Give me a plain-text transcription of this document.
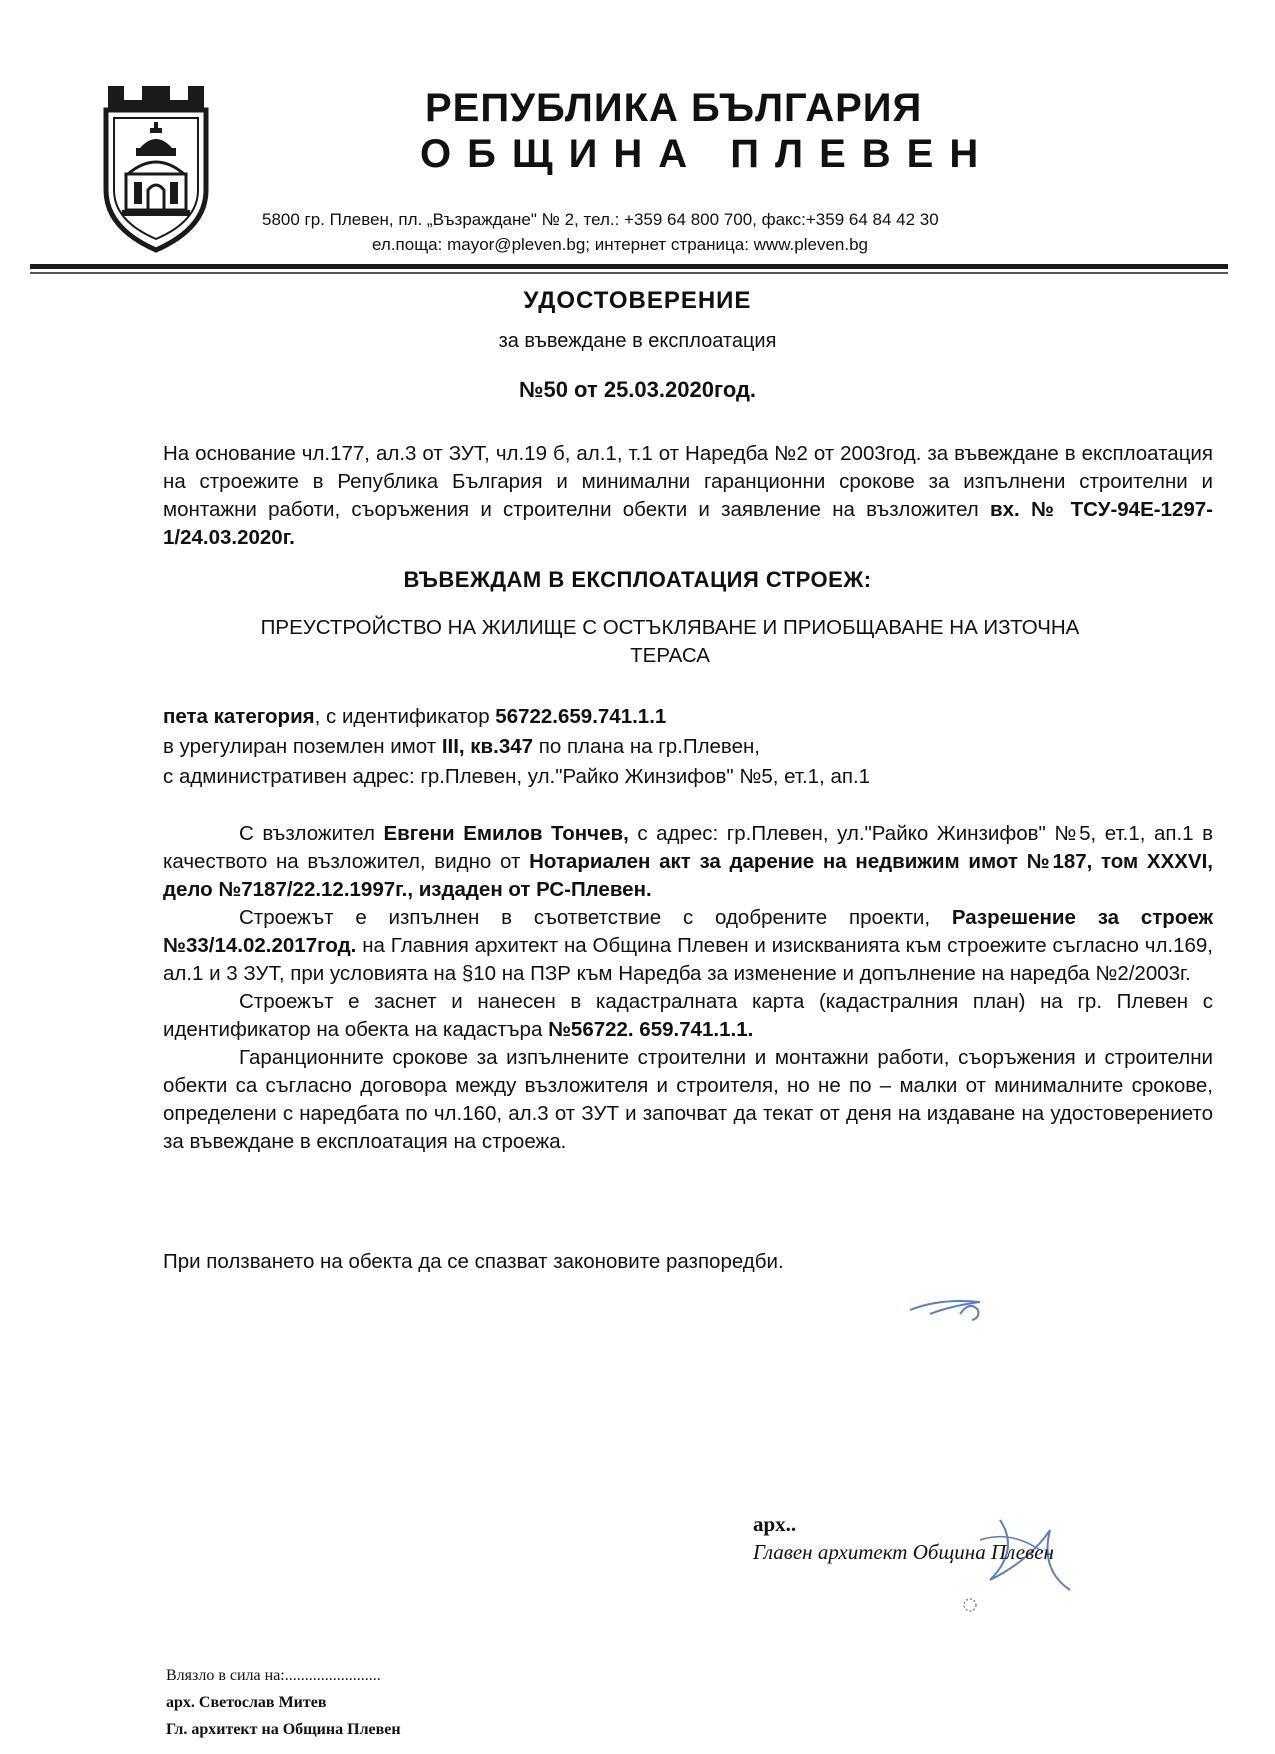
РЕПУБЛИКА БЪЛГАРИЯ
ОБЩИНА ПЛЕВЕН
5800 гр. Плевен, пл. „Възраждане" № 2, тел.: +359 64 800 700, факс:+359 64 84 42 30
ел.поща: mayor@pleven.bg; интернет страница: www.pleven.bg
УДОСТОВЕРЕНИЕ
за въвеждане в експлоатация
№50 от 25.03.2020год.

На основание чл.177, ал.3 от ЗУТ, чл.19 б, ал.1, т.1 от Наредба №2 от 2003год. за въвеждане в експлоатация на строежите в Република България и минимални гаранционни срокове за изпълнени строителни и монтажни работи, съоръжения и строителни обекти и заявление на възложител вх. № ТСУ-94Е-1297-1/24.03.2020г.

ВЪВЕЖДАМ В ЕКСПЛОАТАЦИЯ СТРОЕЖ:
ПРЕУСТРОЙСТВО НА ЖИЛИЩЕ С ОСТЪКЛЯВАНЕ И ПРИОБЩАВАНЕ НА ИЗТОЧНА
ТЕРАСА

пета категория, с идентификатор 56722.659.741.1.1

в урегулиран поземлен имот III, кв.347 по плана на гр.Плевен,

с административен адрес: гр.Плевен, ул."Райко Жинзифов" №5, ет.1, ап.1

С възложител Евгени Емилов Тончев, с адрес: гр.Плевен, ул."Райко Жинзифов" №5, ет.1, ап.1 в качеството на възложител, видно от Нотариален акт за дарение на недвижим имот №187, том XXXVI, дело №7187/22.12.1997г., издаден от РС-Плевен.

Строежът е изпълнен в съответствие с одобрените проекти, Разрешение за строеж №33/14.02.2017год. на Главния архитект на Община Плевен и изискванията към строежите съгласно чл.169, ал.1 и 3 ЗУТ, при условията на §10 на ПЗР към Наредба за изменение и допълнение на наредба №2/2003г.

Строежът е заснет и нанесен в кадастралната карта (кадастралния план) на гр. Плевен с идентификатор на обекта на кадастъра №56722. 659.741.1.1.

Гаранционните срокове за изпълнените строителни и монтажни работи, съоръжения и строителни обекти са съгласно договора между възложителя и строителя, но не по – малки от минималните срокове, определени с наредбата по чл.160, ал.3 от ЗУТ и започват да текат от деня на издаване на удостоверението за въвеждане в експлоатация на строежа.

При ползването на обекта да се спазват законовите разпоредби.
арх..
Главен архитект Община Плевен

Влязло в сила на:........................

арх. Светослав Митев

Гл. архитект на Община Плевен
